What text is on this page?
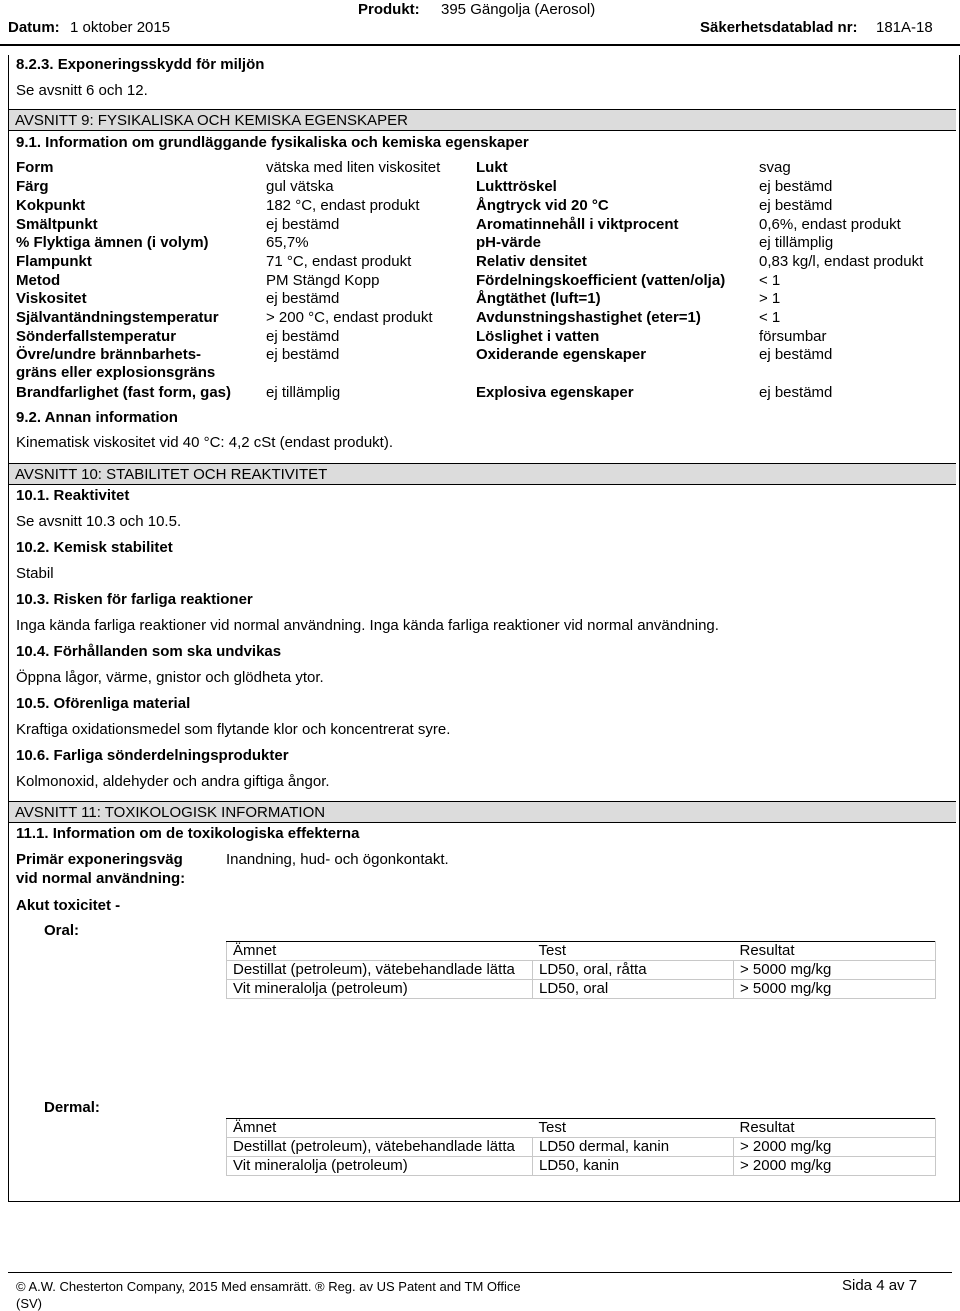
Datum: 1 oktober 2015
Produkt: 395 Gängolja (Aerosol)
Säkerhetsdatablad nr: 181A-18
8.2.3. Exponeringsskydd för miljön
Se avsnitt 6 och 12.
AVSNITT 9: FYSIKALISKA OCH KEMISKA EGENSKAPER
9.1. Information om grundläggande fysikaliska och kemiska egenskaper
Form	vätska med liten viskositet Lukt	svag
Färg	gul vätska	Lukttröskel	ej bestämd
Kokpunkt	182 °C, endast produkt	Ångtryck vid 20 °C	ej bestämd
Smältpunkt	ej bestämd	Aromatinnehåll i viktprocent	0,6%, endast produkt
% Flyktiga ämnen (i volym)	65,7%	pH-värde	ej tillämplig
Flampunkt	71 °C, endast produkt	Relativ densitet	0,83 kg/l, endast produkt
Metod	PM Stängd Kopp	Fördelningskoefficient (vatten/olja) < 1
Viskositet	ej bestämd	Ångtäthet (luft=1)	> 1
Självantändningstemperatur	> 200 °C, endast produkt	Avdunstningshastighet (eter=1)	< 1
Sönderfallstemperatur	ej bestämd	Löslighet i vatten	försumbar
Övre/undre brännbarhets-
gräns eller explosionsgräns
ej bestämd	Oxiderande egenskaper	ej bestämd
Brandfarlighet (fast form, gas) ej tillämplig	Explosiva egenskaper	ej bestämd
9.2. Annan information
Kinematisk viskositet vid 40 °C: 4,2 cSt (endast produkt).
AVSNITT 10: STABILITET OCH REAKTIVITET
10.1. Reaktivitet
Se avsnitt 10.3 och 10.5.
10.2. Kemisk stabilitet
Stabil
10.3. Risken för farliga reaktioner
Inga kända farliga reaktioner vid normal användning. Inga kända farliga reaktioner vid normal användning.
10.4. Förhållanden som ska undvikas
Öppna lågor, värme, gnistor och glödheta ytor.
10.5. Oförenliga material
Kraftiga oxidationsmedel som flytande klor och koncentrerat syre.
10.6. Farliga sönderdelningsprodukter
Kolmonoxid, aldehyder och andra giftiga ångor.
AVSNITT 11: TOXIKOLOGISK INFORMATION
11.1. Information om de toxikologiska effekterna
Primär exponeringsväg
vid normal användning:
Inandning, hud- och ögonkontakt.
Akut toxicitet -
Oral:
Ämnet	Test	Resultat
Destillat (petroleum), vätebehandlade lätta	LD50, oral, råtta	> 5000 mg/kg
Vit mineralolja (petroleum)	LD50, oral	> 5000 mg/kg
Dermal:
Ämnet	Test	Resultat
Destillat (petroleum), vätebehandlade lätta	LD50 dermal, kanin	> 2000 mg/kg
Vit mineralolja (petroleum)	LD50, kanin	> 2000 mg/kg
© A.W. Chesterton Company, 2015 Med ensamrätt. ® Reg. av US Patent and TM Office
(SV)
Sida 4 av 7
